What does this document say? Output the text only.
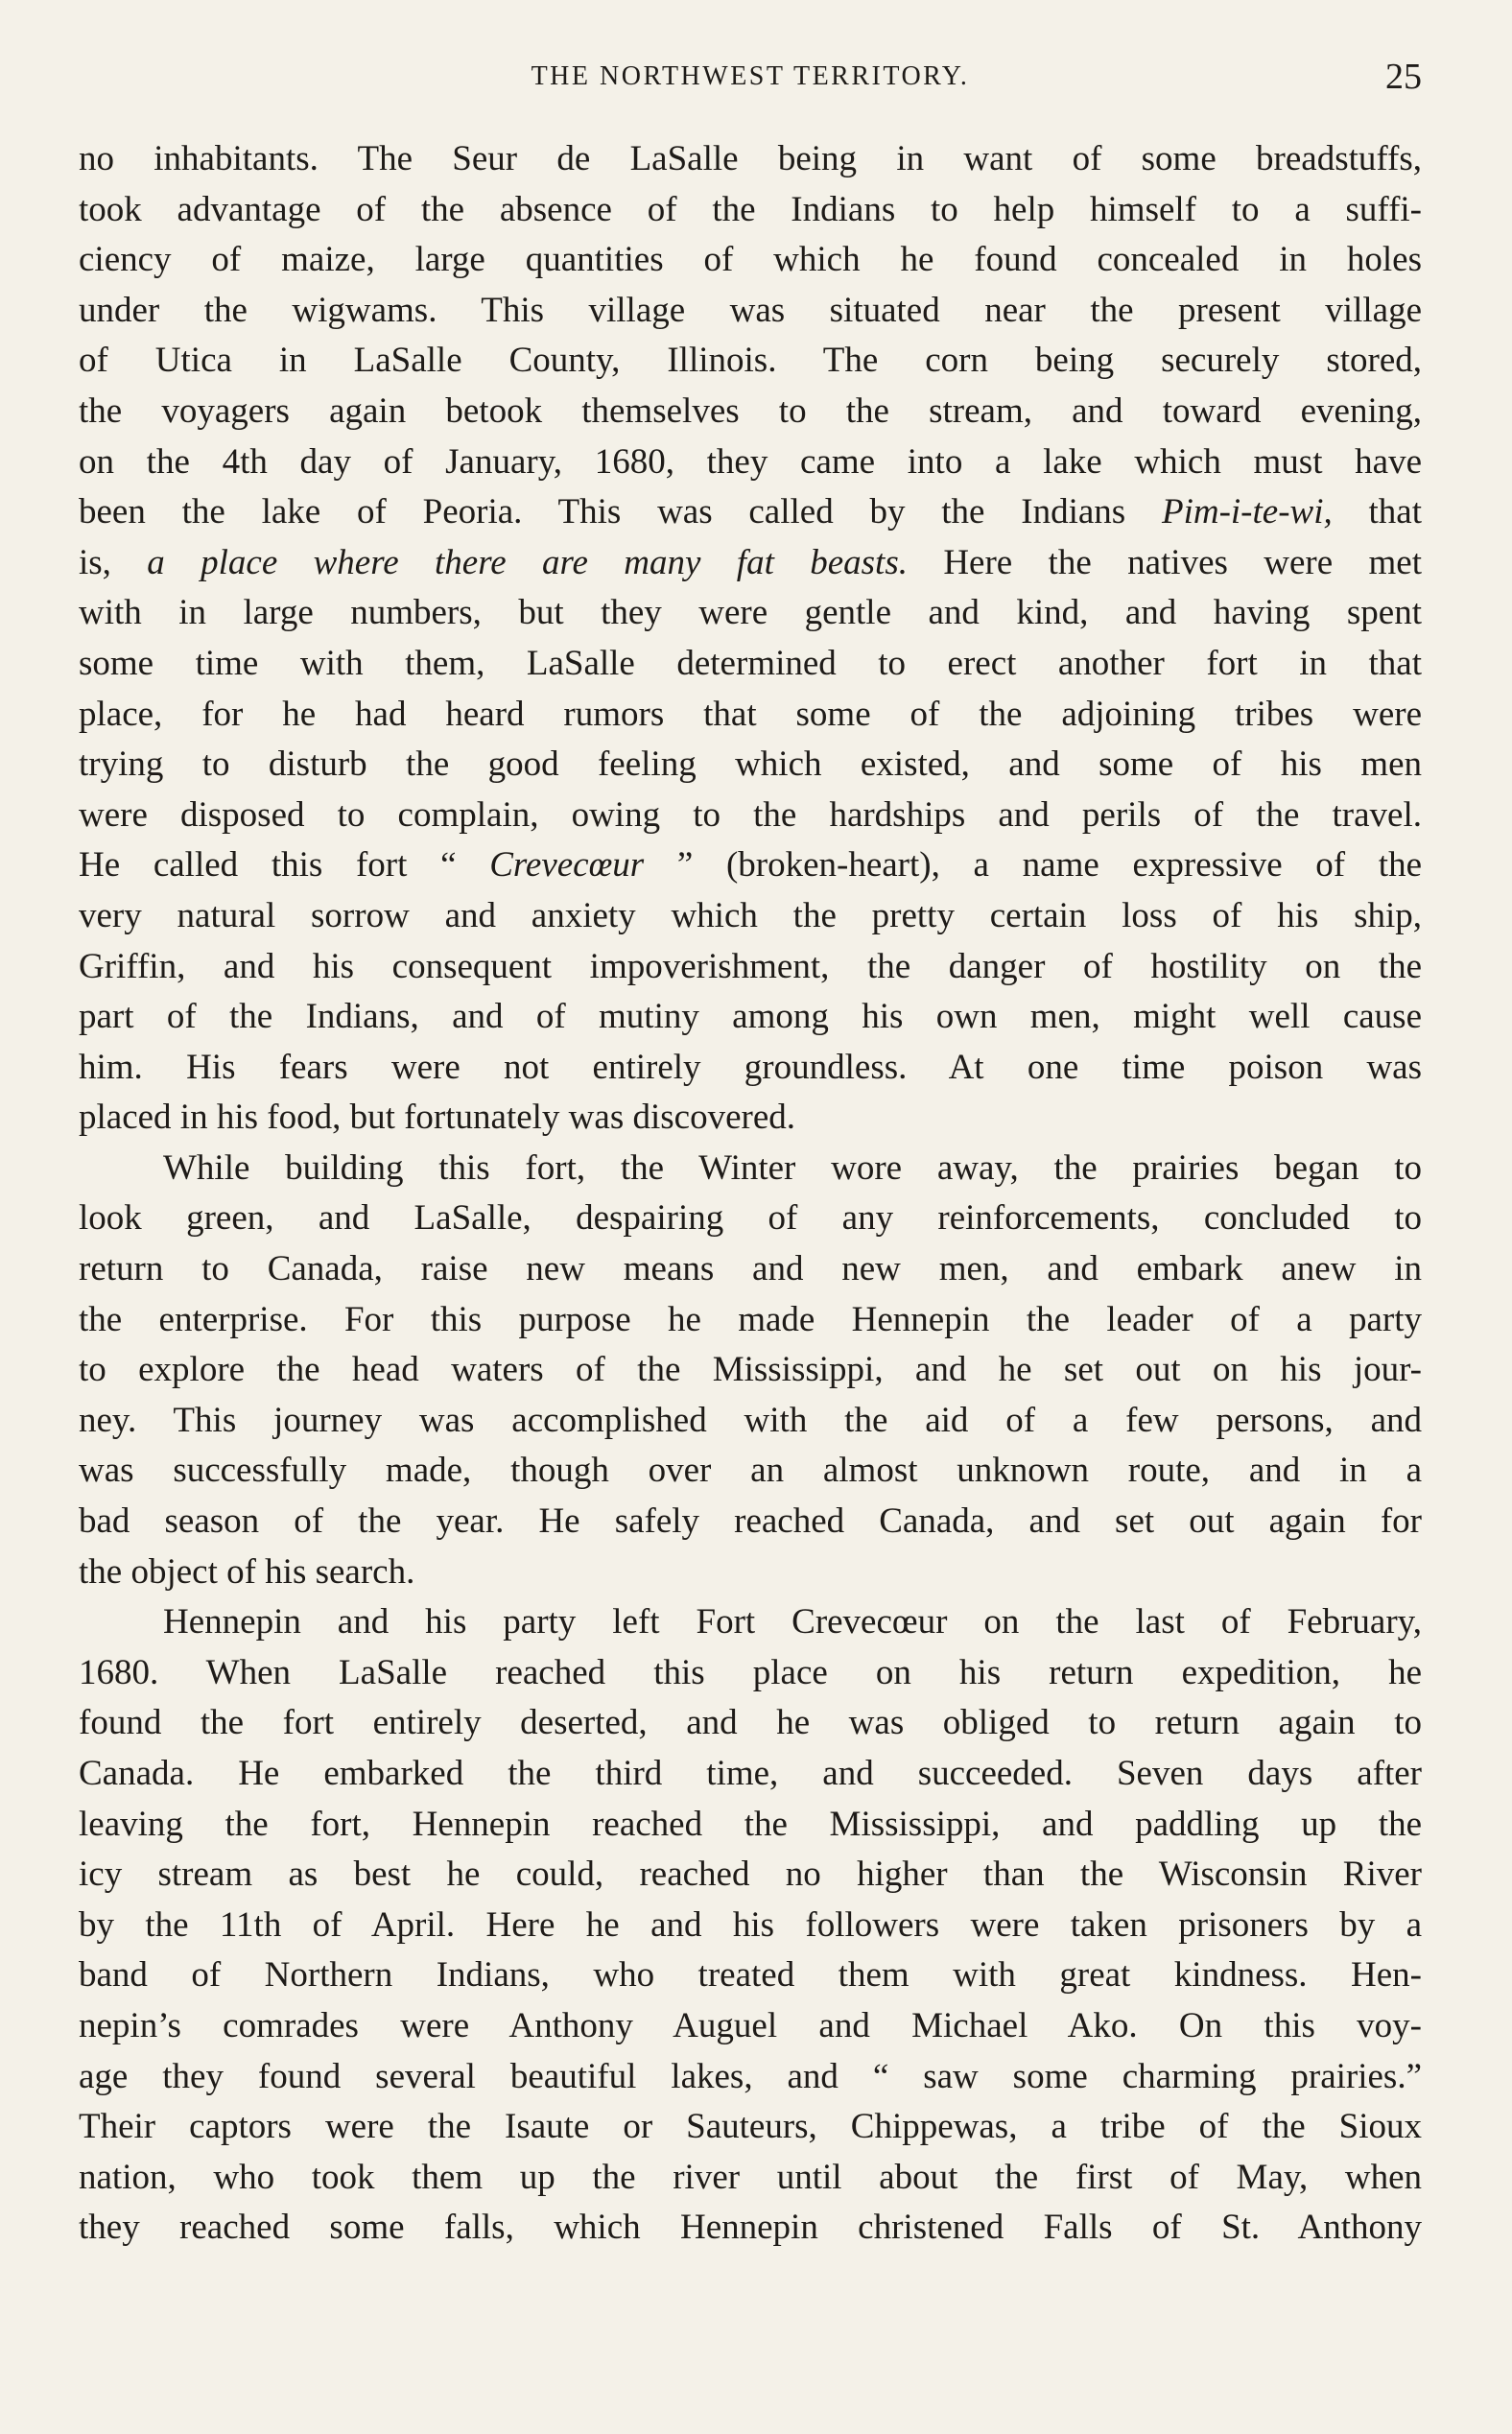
THE NORTHWEST TERRITORY.	25
no inhabitants. The Seur de LaSalle being in want of some breadstuffs,
took advantage of the absence of the Indians to help himself to a suffi-
ciency of maize, large quantities of which he found concealed in holes
under the wigwams. This village was situated near the present village
of Utica in LaSalle County, Illinois. The corn being securely stored,
the voyagers again betook themselves to the stream, and toward evening,
on the 4th day of January, 1680, they came into a lake which must have
been the lake of Peoria. This was called by the Indians Pim-i-te-wi, that
is, a place where there are many fat beasts. Here the natives were met
with in large numbers, but they were gentle and kind, and having spent
some time with them, LaSalle determined to erect another fort in that
place, for he had heard rumors that some of the adjoining tribes were
trying to disturb the good feeling which existed, and some of his men
were disposed to complain, owing to the hardships and perils of the travel.
He called this fort “ Crevecœur ” (broken-heart), a name expressive of the
very natural sorrow and anxiety which the pretty certain loss of his ship,
Griffin, and his consequent impoverishment, the danger of hostility on the
part of the Indians, and of mutiny among his own men, might well cause
him. His fears were not entirely groundless. At one time poison was
placed in his food, but fortunately was discovered.
While building this fort, the Winter wore away, the prairies began to
look green, and LaSalle, despairing of any reinforcements, concluded to
return to Canada, raise new means and new men, and embark anew in
the enterprise. For this purpose he made Hennepin the leader of a party
to explore the head waters of the Mississippi, and he set out on his jour-
ney. This journey was accomplished with the aid of a few persons, and
was successfully made, though over an almost unknown route, and in a
bad season of the year. He safely reached Canada, and set out again for
the object of his search.
Hennepin and his party left Fort Crevecœur on the last of February,
1680. When LaSalle reached this place on his return expedition, he
found the fort entirely deserted, and he was obliged to return again to
Canada. He embarked the third time, and succeeded. Seven days after
leaving the fort, Hennepin reached the Mississippi, and paddling up the
icy stream as best he could, reached no higher than the Wisconsin River
by the 11th of April. Here he and his followers were taken prisoners by a
band of Northern Indians, who treated them with great kindness. Hen-
nepin’s comrades were Anthony Auguel and Michael Ako. On this voy-
age they found several beautiful lakes, and “ saw some charming prairies.”
Their captors were the Isaute or Sauteurs, Chippewas, a tribe of the Sioux
nation, who took them up the river until about the first of May, when
they reached some falls, which Hennepin christened Falls of St. Anthony
